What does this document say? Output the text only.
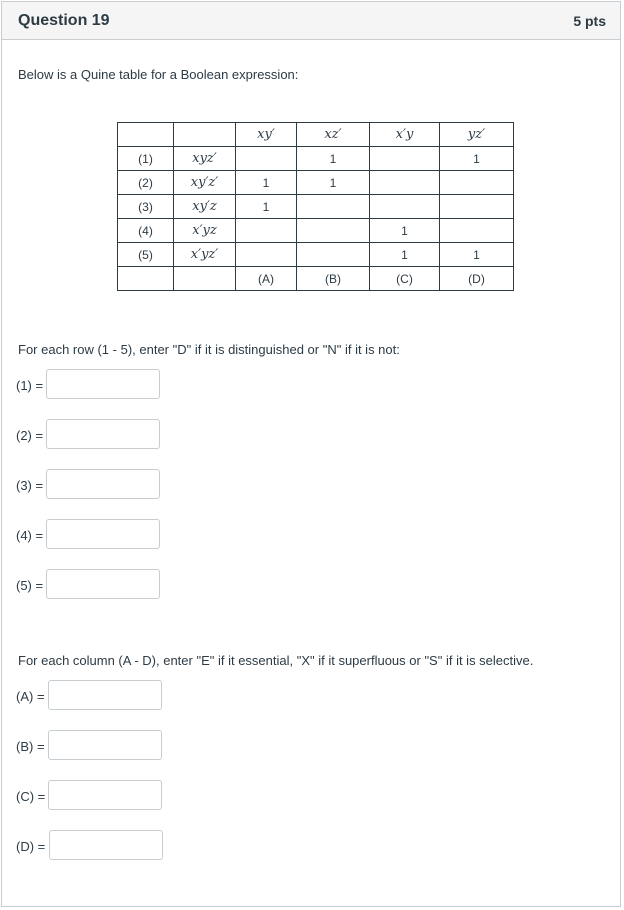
Question 19	5 pts
Below is a Quine table for a Boolean expression:
		xy′	xz′	x′y	yz′
(1)	xyz′		1		1
(2)	xy′z′	1	1		
(3)	xy′z	1			
(4)	x′yz			1	
(5)	x′yz′			1	1
		(A)	(B)	(C)	(D)
For each row (1 - 5), enter "D" if it is distinguished or "N" if it is not:
(1) =
(2) =
(3) =
(4) =
(5) =
For each column (A - D), enter "E" if it essential, "X" if it superfluous or "S" if it is selective.
(A) =
(B) =
(C) =
(D) =
